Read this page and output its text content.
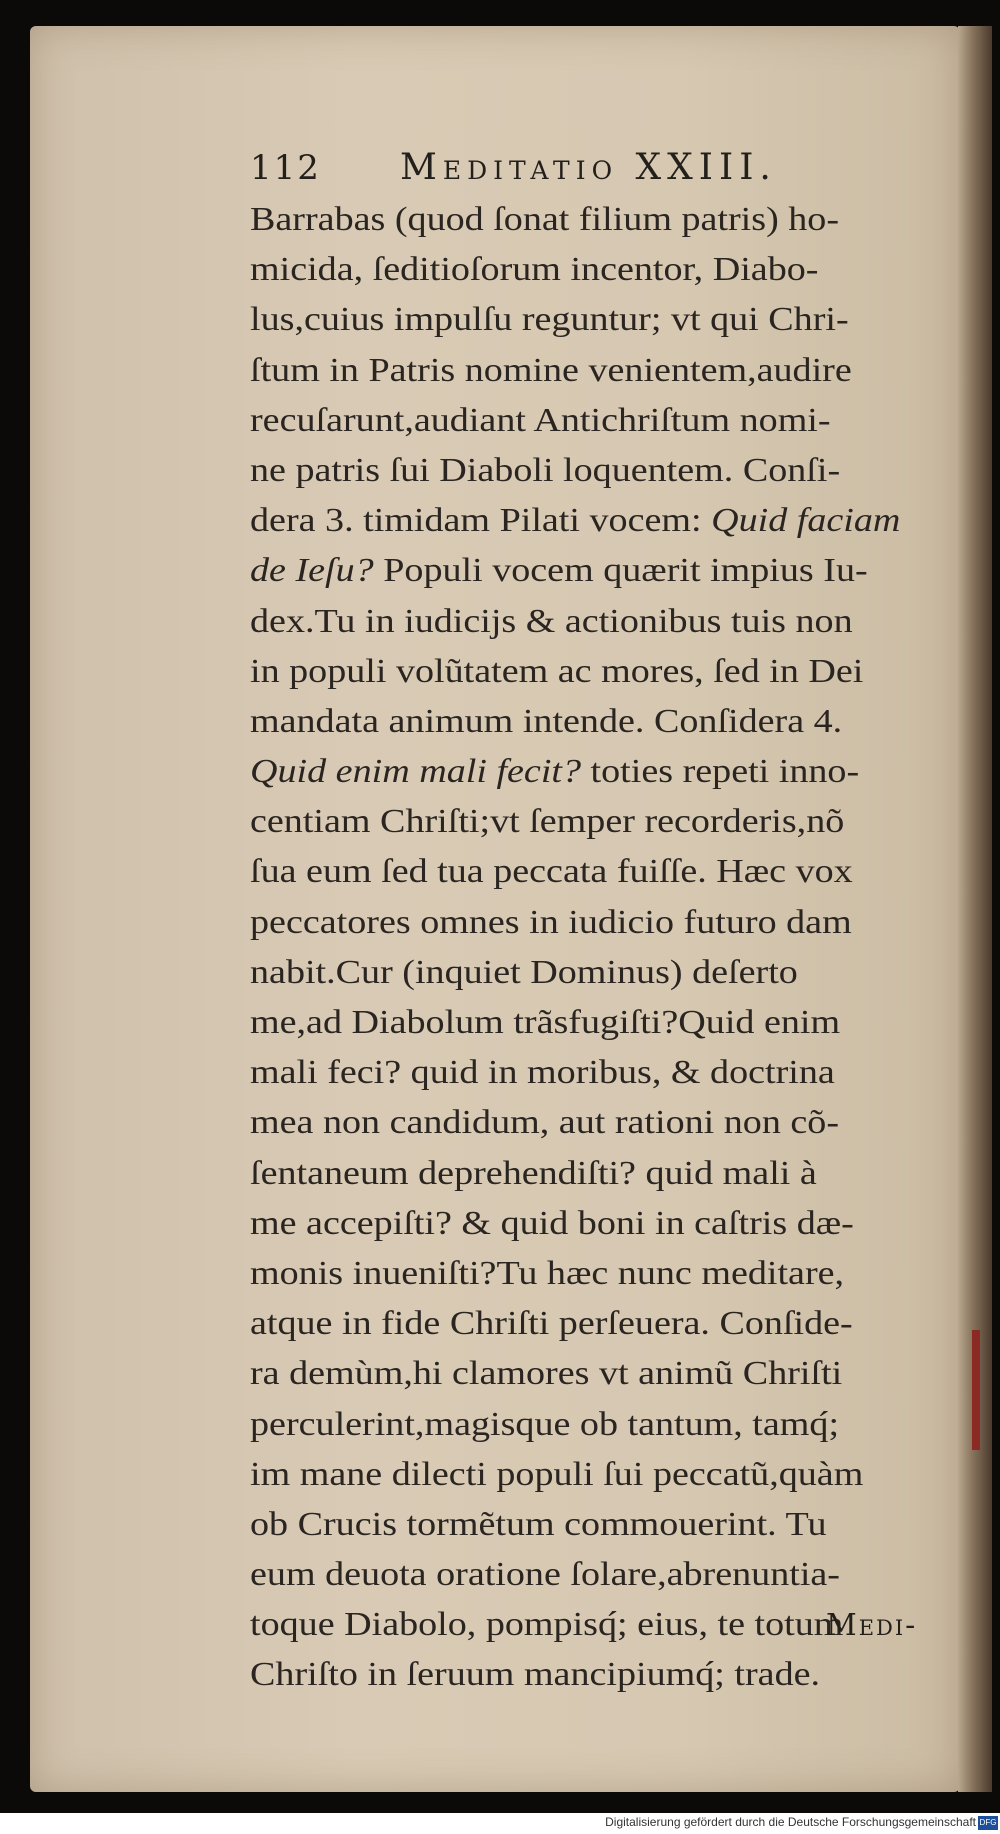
112 Meditatio XXIII.
Barrabas (quod ſonat filium patris) ho-
micida, ſeditioſorum incentor, Diabo-
lus,cuius impulſu reguntur; vt qui Chri-
ſtum in Patris nomine venientem,audire
recuſarunt,audiant Antichriſtum nomi-
ne patris ſui Diaboli loquentem. Conſi-
dera 3. timidam Pilati vocem: Quid faciam
de Ieſu? Populi vocem quærit impius Iu-
dex.Tu in iudicijs & actionibus tuis non
in populi volũtatem ac mores, ſed in Dei
mandata animum intende. Conſidera 4.
Quid enim mali fecit? toties repeti inno-
centiam Chriſti;vt ſemper recorderis,nõ
ſua eum ſed tua peccata fuiſſe. Hæc vox
peccatores omnes in iudicio futuro dam
nabit.Cur (inquiet Dominus) deſerto
me,ad Diabolum trãsfugiſti?Quid enim
mali feci? quid in moribus, & doctrina
mea non candidum, aut rationi non cõ-
ſentaneum deprehendiſti? quid mali à
me accepiſti? & quid boni in caſtris dæ-
monis inueniſti?Tu hæc nunc meditare,
atque in fide Chriſti perſeuera. Conſide-
ra demùm,hi clamores vt animũ Chriſti
perculerint,magisque ob tantum, tamq́;
im mane dilecti populi ſui peccatũ,quàm
ob Crucis tormẽtum commouerint. Tu
eum deuota oratione ſolare,abrenuntia-
toque Diabolo, pompisq́; eius, te totum
Chriſto in ſeruum mancipiumq́; trade.
Medi-
Digitalisierung gefördert durch die Deutsche Forschungsgemeinschaft DFG
